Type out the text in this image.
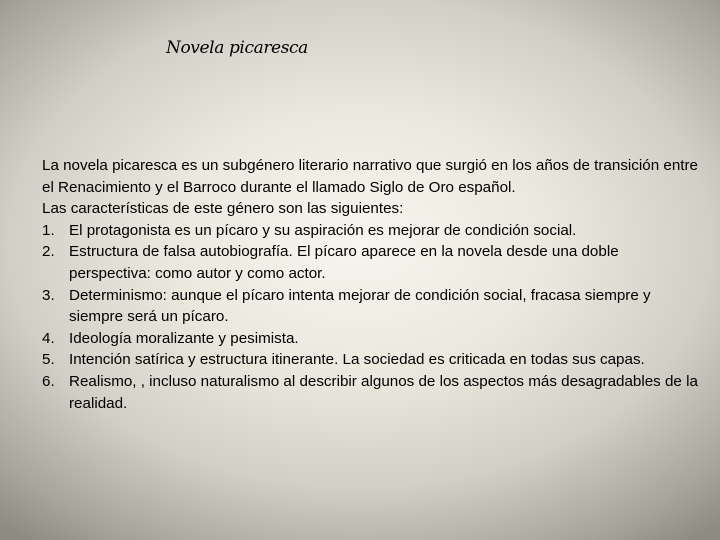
Novela picaresca

La novela picaresca es un subgénero literario narrativo que surgió en los años de transición entre el Renacimiento y el Barroco durante el llamado Siglo de Oro español.

Las características de este género son las siguientes:

1. El protagonista es un pícaro y su aspiración es mejorar de condición social.
2. Estructura de falsa autobiografía. El pícaro aparece en la novela desde una doble perspectiva: como autor y como actor.
3. Determinismo: aunque el pícaro intenta mejorar de condición social, fracasa siempre y siempre será un pícaro.
4. Ideología moralizante y pesimista.
5. Intención satírica y estructura itinerante. La sociedad es criticada en todas sus capas.
6. Realismo, , incluso naturalismo al describir algunos de los aspectos más desagradables de la realidad.
